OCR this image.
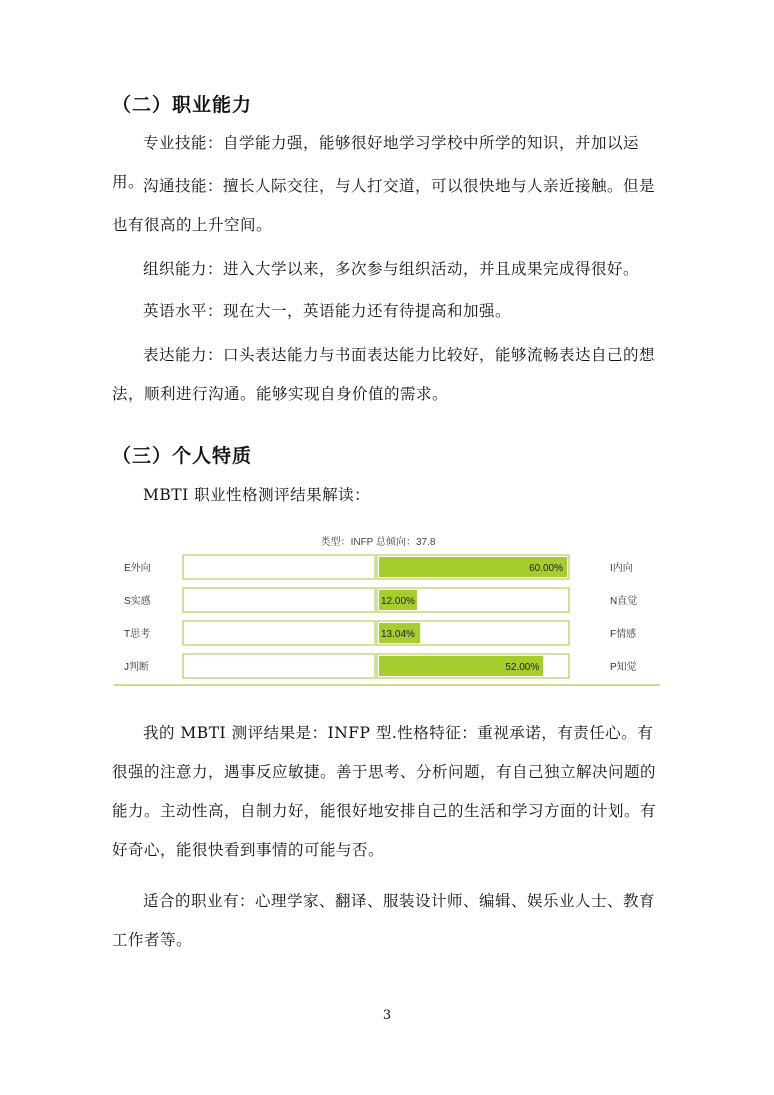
（二）职业能力

专业技能：自学能力强，能够很好地学习学校中所学的知识，并加以运用。

沟通技能：擅长人际交往，与人打交道，可以很快地与人亲近接触。但是也有很高的上升空间。

组织能力：进入大学以来，多次参与组织活动，并且成果完成得很好。

英语水平：现在大一，英语能力还有待提高和加强。

表达能力：口头表达能力与书面表达能力比较好，能够流畅表达自己的想法，顺利进行沟通。能够实现自身价值的需求。

（三）个人特质

MBTI 职业性格测评结果解读：

类型：INFP 总倾向：37.8
E外向	I内向
60.00%
S实感	N直觉
12.00%
T思考	F情感
13.04%
J判断	P知觉
52.00%

我的 MBTI 测评结果是：INFP 型.性格特征：重视承诺，有责任心。有很强的注意力，遇事反应敏捷。善于思考、分析问题，有自己独立解决问题的能力。主动性高，自制力好，能很好地安排自己的生活和学习方面的计划。有好奇心，能很快看到事情的可能与否。

适合的职业有：心理学家、翻译、服装设计师、编辑、娱乐业人士、教育工作者等。

3
